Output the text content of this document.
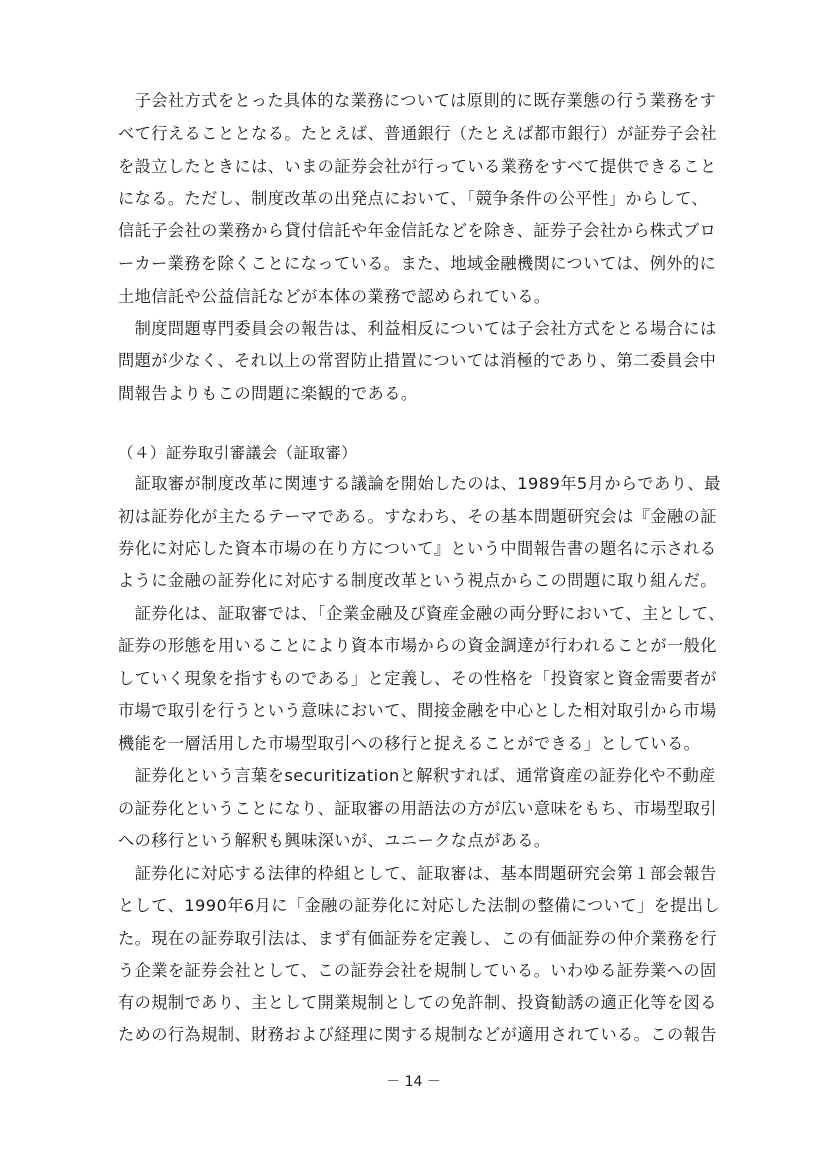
　子会社方式をとった具体的な業務については原則的に既存業態の行う業務をす
べて行えることとなる。たとえば、普通銀行（たとえば都市銀行）が証券子会社
を設立したときには、いまの証券会社が行っている業務をすべて提供できること
になる。ただし、制度改革の出発点において、「競争条件の公平性」からして、
信託子会社の業務から貸付信託や年金信託などを除き、証券子会社から株式ブロ
ーカー業務を除くことになっている。また、地域金融機関については、例外的に
土地信託や公益信託などが本体の業務で認められている。
　制度問題専門委員会の報告は、利益相反については子会社方式をとる場合には
問題が少なく、それ以上の常習防止措置については消極的であり、第二委員会中
間報告よりもこの問題に楽観的である。
（４）証券取引審議会（証取審）
　証取審が制度改革に関連する議論を開始したのは、1989年5月からであり、最
初は証券化が主たるテーマである。すなわち、その基本問題研究会は『金融の証
券化に対応した資本市場の在り方について』という中間報告書の題名に示される
ように金融の証券化に対応する制度改革という視点からこの問題に取り組んだ。
　証券化は、証取審では、「企業金融及び資産金融の両分野において、主として、
証券の形態を用いることにより資本市場からの資金調達が行われることが一般化
していく現象を指すものである」と定義し、その性格を「投資家と資金需要者が
市場で取引を行うという意味において、間接金融を中心とした相対取引から市場
機能を一層活用した市場型取引への移行と捉えることができる」としている。
　証券化という言葉をsecuritizationと解釈すれば、通常資産の証券化や不動産
の証券化ということになり、証取審の用語法の方が広い意味をもち、市場型取引
への移行という解釈も興味深いが、ユニークな点がある。
　証券化に対応する法律的枠組として、証取審は、基本問題研究会第１部会報告
として、1990年6月に「金融の証券化に対応した法制の整備について」を提出し
た。現在の証券取引法は、まず有価証券を定義し、この有価証券の仲介業務を行
う企業を証券会社として、この証券会社を規制している。いわゆる証券業への固
有の規制であり、主として開業規制としての免許制、投資勧誘の適正化等を図る
ための行為規制、財務および経理に関する規制などが適用されている。この報告
－ 14 －
